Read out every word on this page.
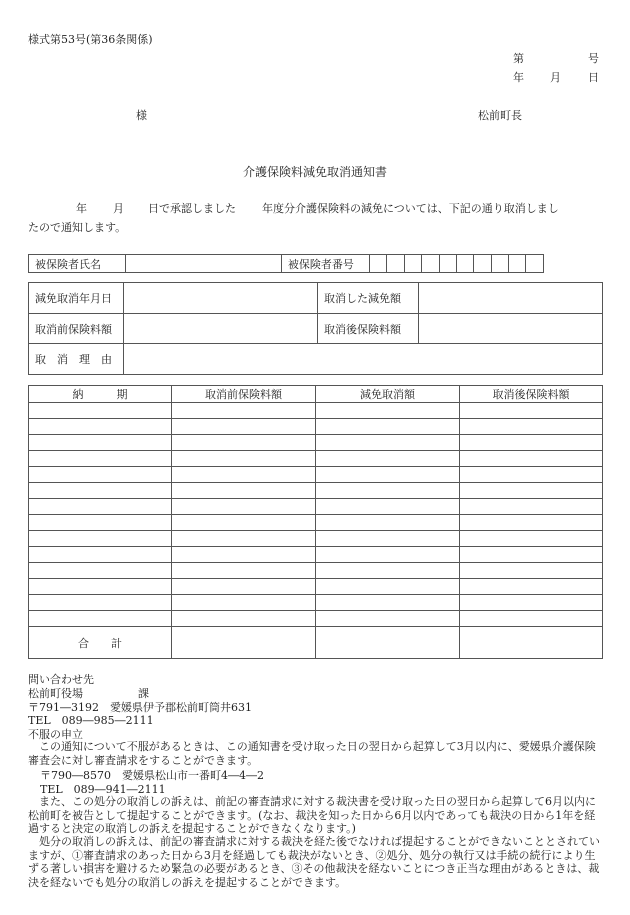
様式第53号(第36条関係)
第	号
年 月 日
様	松前町長
介護保険料減免取消通知書
年 月 日で承認しました 年度分介護保険料の減免については、下記の通り取消しまし
たので通知します。
被保険者氏名		被保険者番号										
減免取消年月日		取消した減免額	
取消前保険料額		取消後保険料額	
取　消　理　由			
納　　　期	取消前保険料額	減免取消額	取消後保険料額

合　　計			
問い合わせ先
松前町役場	課
〒791―3192　愛媛県伊予郡松前町筒井631
TEL　089―985―2111
不服の申立
この通知について不服があるときは、この通知書を受け取った日の翌日から起算して3月以内に、愛媛県介護保険審査会に対し審査請求をすることができます。
〒790―8570　愛媛県松山市一番町4―4―2
TEL　089―941―2111
また、この処分の取消しの訴えは、前記の審査請求に対する裁決書を受け取った日の翌日から起算して6月以内に松前町を被告として提起することができます。(なお、裁決を知った日から6月以内であっても裁決の日から1年を経過すると決定の取消しの訴えを提起することができなくなります。)
処分の取消しの訴えは、前記の審査請求に対する裁決を経た後でなければ提起することができないこととされていますが、①審査請求のあった日から3月を経過しても裁決がないとき、②処分、処分の執行又は手続の続行により生ずる著しい損害を避けるため緊急の必要があるとき、③その他裁決を経ないことにつき正当な理由があるときは、裁決を経ないでも処分の取消しの訴えを提起することができます。
